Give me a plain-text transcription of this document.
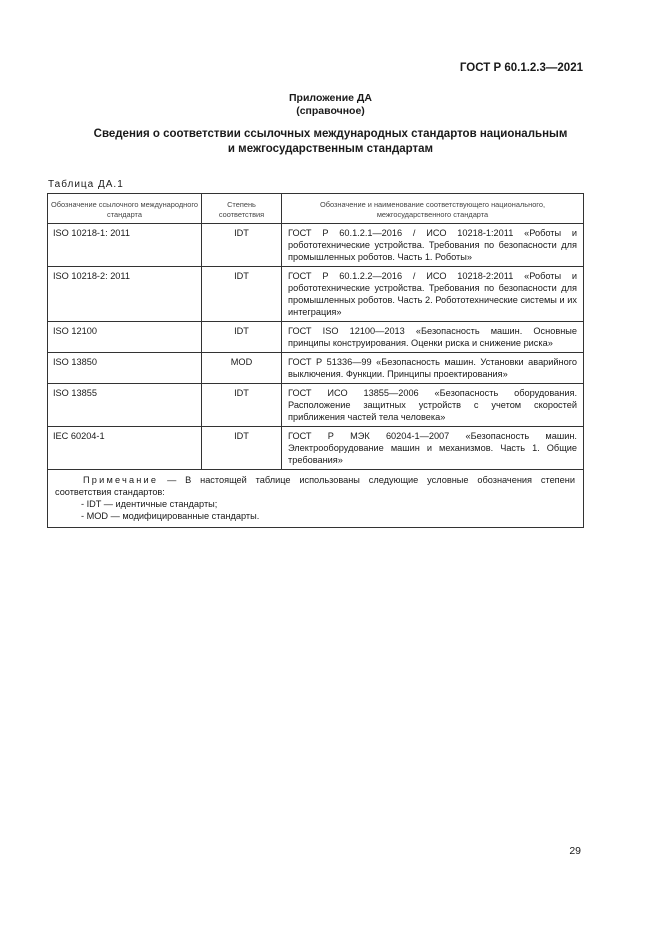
ГОСТ Р 60.1.2.3—2021
Приложение ДА
(справочное)
Сведения о соответствии ссылочных международных стандартов национальным
и межгосударственным стандартам
Таблица ДА.1
Обозначение ссылочного международного стандарта	Степень соответствия	Обозначение и наименование соответствующего национального, межгосударственного стандарта
ISO 10218-1: 2011	IDT	ГОСТ Р 60.1.2.1—2016 / ИСО 10218-1:2011 «Роботы и робототехнические устройства. Требования по безопасности для промышленных роботов. Часть 1. Роботы»
ISO 10218-2: 2011	IDT	ГОСТ Р 60.1.2.2—2016 / ИСО 10218-2:2011 «Роботы и робототехнические устройства. Требования по безопасности для промышленных роботов. Часть 2. Робототехнические системы и их интеграция»
ISO 12100	IDT	ГОСТ ISO 12100—2013 «Безопасность машин. Основные принципы конструирования. Оценки риска и снижение риска»
ISO 13850	MOD	ГОСТ Р 51336—99 «Безопасность машин. Установки аварийного выключения. Функции. Принципы проектирования»
ISO 13855	IDT	ГОСТ ИСО 13855—2006 «Безопасность оборудования. Расположение защитных устройств с учетом скоростей приближения частей тела человека»
IEC 60204-1	IDT	ГОСТ Р МЭК 60204-1—2007 «Безопасность машин. Электрооборудование машин и механизмов. Часть 1. Общие требования»

Примечание — В настоящей таблице использованы следующие условные обозначения степени соответствия стандартов:
- IDT — идентичные стандарты;
- MOD — модифицированные стандарты.		
29
